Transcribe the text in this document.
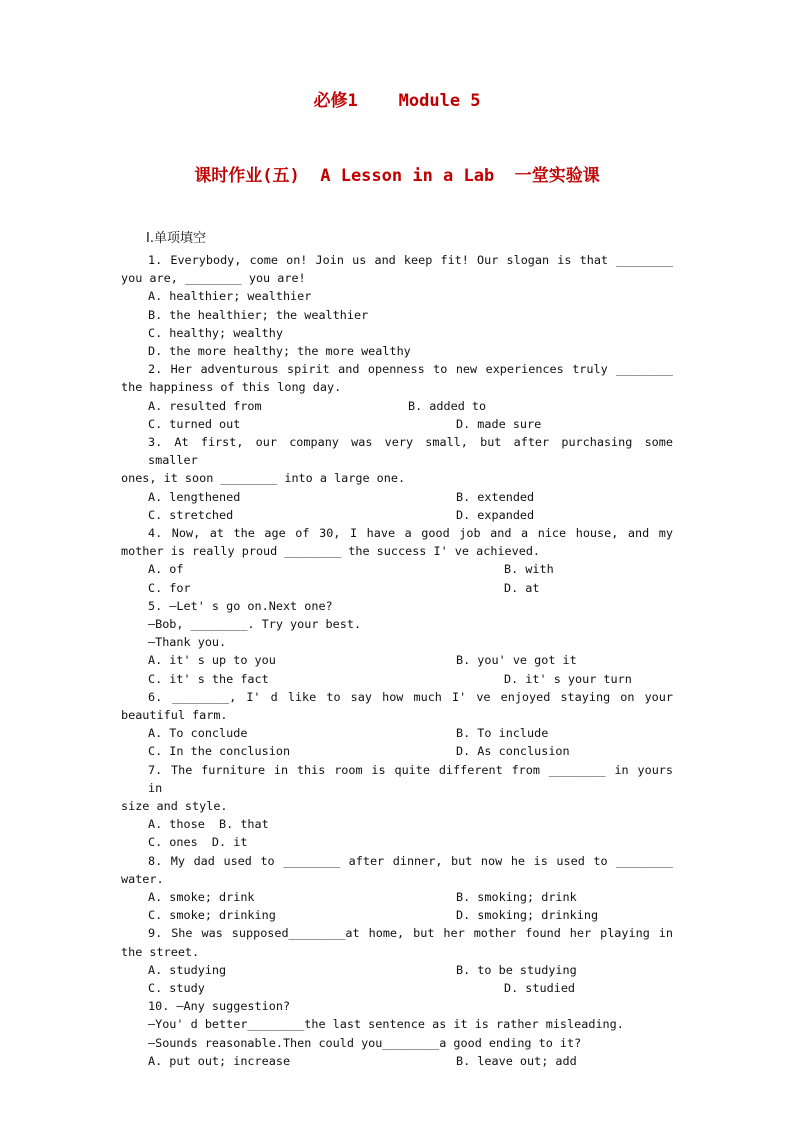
必修1    Module 5
课时作业(五)  A Lesson in a Lab  一堂实验课
Ⅰ.单项填空
1. Everybody, come on! Join us and keep fit! Our slogan is that ________
you are, ________ you are!
A. healthier; wealthier
B. the healthier; the wealthier
C. healthy; wealthy
D. the more healthy; the more wealthy
2. Her adventurous spirit and openness to new experiences truly ________
the happiness of this long day.
A. resulted from	B. added to
C. turned out	D. made sure
3. At first, our company was very small, but after purchasing some smaller
ones, it soon ________ into a large one.
A. lengthened	B. extended
C. stretched	D. expanded
4. Now, at the age of 30, I have a good job and a nice house, and my
mother is really proud ________ the success I' ve achieved.
A. of	B. with
C. for	D. at
5. —Let' s go on.Next one?
—Bob, ________. Try your best.
—Thank you.
A. it' s up to you	B. you' ve got it
C. it' s the fact	D. it' s your turn
6. ________, I' d like to say how much I' ve enjoyed staying on your
beautiful farm.
A. To conclude	B. To include
C. In the conclusion	D. As conclusion
7. The furniture in this room is quite different from ________ in yours in
size and style.
A. those  B. that
C. ones  D. it
8. My dad used to ________ after dinner, but now he is used to ________
water.
A. smoke; drink	B. smoking; drink
C. smoke; drinking	D. smoking; drinking
9. She was supposed________at home, but her mother found her playing in
the street.
A. studying	B. to be studying
C. study	D. studied
10. —Any suggestion?
—You' d better________the last sentence as it is rather misleading.
—Sounds reasonable.Then could you________a good ending to it?
A. put out; increase	B. leave out; add
